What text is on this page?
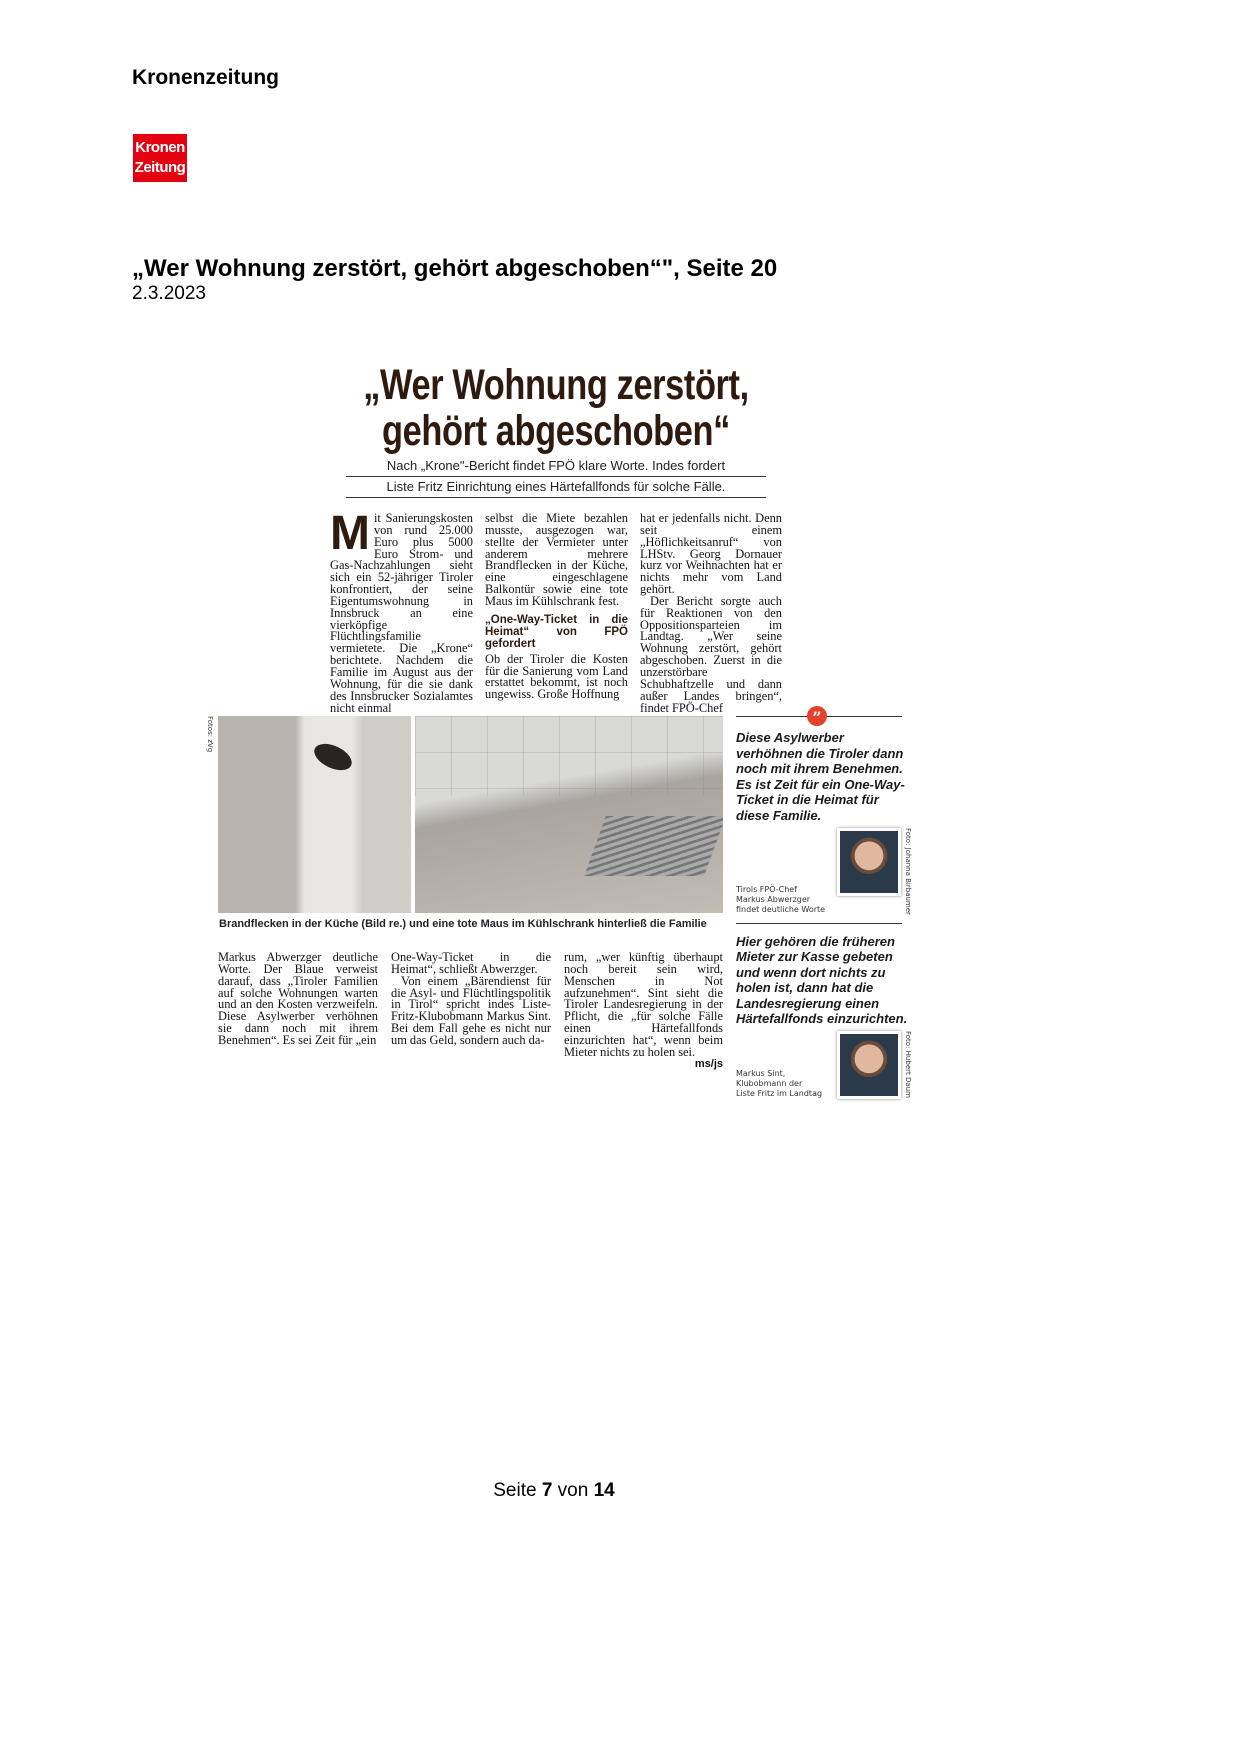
Kronenzeitung
Kronen
Zeitung
„Wer Wohnung zerstört, gehört abgeschoben“", Seite 20
2.3.2023
„Wer Wohnung zerstört,
gehört abgeschoben“
Nach „Krone"-Bericht findet FPÖ klare Worte. Indes fordert
Liste Fritz Einrichtung eines Härtefallfonds für solche Fälle.
Mit Sanierungskosten von rund 25.000 Euro plus 5000 Euro Strom- und Gas-Nachzahlungen sieht sich ein 52-jähriger Tiroler konfrontiert, der seine Eigentumswohnung in Innsbruck an eine vierköpfige Flüchtlingsfamilie vermietete. Die „Krone“ berichtete. Nachdem die Familie im August aus der Wohnung, für die sie dank des Innsbrucker Sozialamtes nicht einmal

selbst die Miete bezahlen musste, ausgezogen war, stellte der Vermieter unter anderem mehrere Brandflecken in der Küche, eine eingeschlagene Balkontür sowie eine tote Maus im Kühlschrank fest.

„One-Way-Ticket in die Heimat“ von FPÖ gefordert

Ob der Tiroler die Kosten für die Sanierung vom Land erstattet bekommt, ist noch ungewiss. Große Hoffnung

hat er jedenfalls nicht. Denn seit einem „Höflichkeitsanruf“ von LHStv. Georg Dornauer kurz vor Weihnachten hat er nichts mehr vom Land gehört.

Der Bericht sorgte auch für Reaktionen von den Oppositionsparteien im Landtag. „Wer seine Wohnung zerstört, gehört abgeschoben. Zuerst in die unzerstörbare Schubhaftzelle und dann außer Landes bringen“, findet FPÖ-Chef

Fotos: zVg
Brandflecken in der Küche (Bild re.) und eine tote Maus im Kühlschrank hinterließ die Familie

Markus Abwerzger deutliche Worte. Der Blaue verweist darauf, dass „Tiroler Familien auf solche Wohnungen warten und an den Kosten verzweifeln. Diese Asylwerber verhöhnen sie dann noch mit ihrem Benehmen“. Es sei Zeit für „ein

One-Way-Ticket in die Heimat“, schließt Abwerzger.

Von einem „Bärendienst für die Asyl- und Flüchtlingspolitik in Tirol“ spricht indes Liste-Fritz-Klubobmann Markus Sint. Bei dem Fall gehe es nicht nur um das Geld, sondern auch da-

rum, „wer künftig überhaupt noch bereit sein wird, Menschen in Not aufzunehmen“. Sint sieht die Tiroler Landesregierung in der Pflicht, die „für solche Fälle einen Härtefallfonds einzurichten hat“, wenn beim Mieter nichts zu holen sei.
ms/js
”
Diese Asylwerber verhöhnen die Tiroler dann noch mit ihrem Benehmen. Es ist Zeit für ein One-Way-Ticket in die Heimat für diese Familie.
Tirols FPÖ-Chef
Markus Abwerzger
findet deutliche Worte	Foto: Johanna Birbaumer
Hier gehören die früheren Mieter zur Kasse gebeten und wenn dort nichts zu holen ist, dann hat die Landesregierung einen Härtefallfonds einzurichten.
Markus Sint,
Klubobmann der
Liste Fritz im Landtag	Foto: Hubert Daum
Seite 7 von 14
